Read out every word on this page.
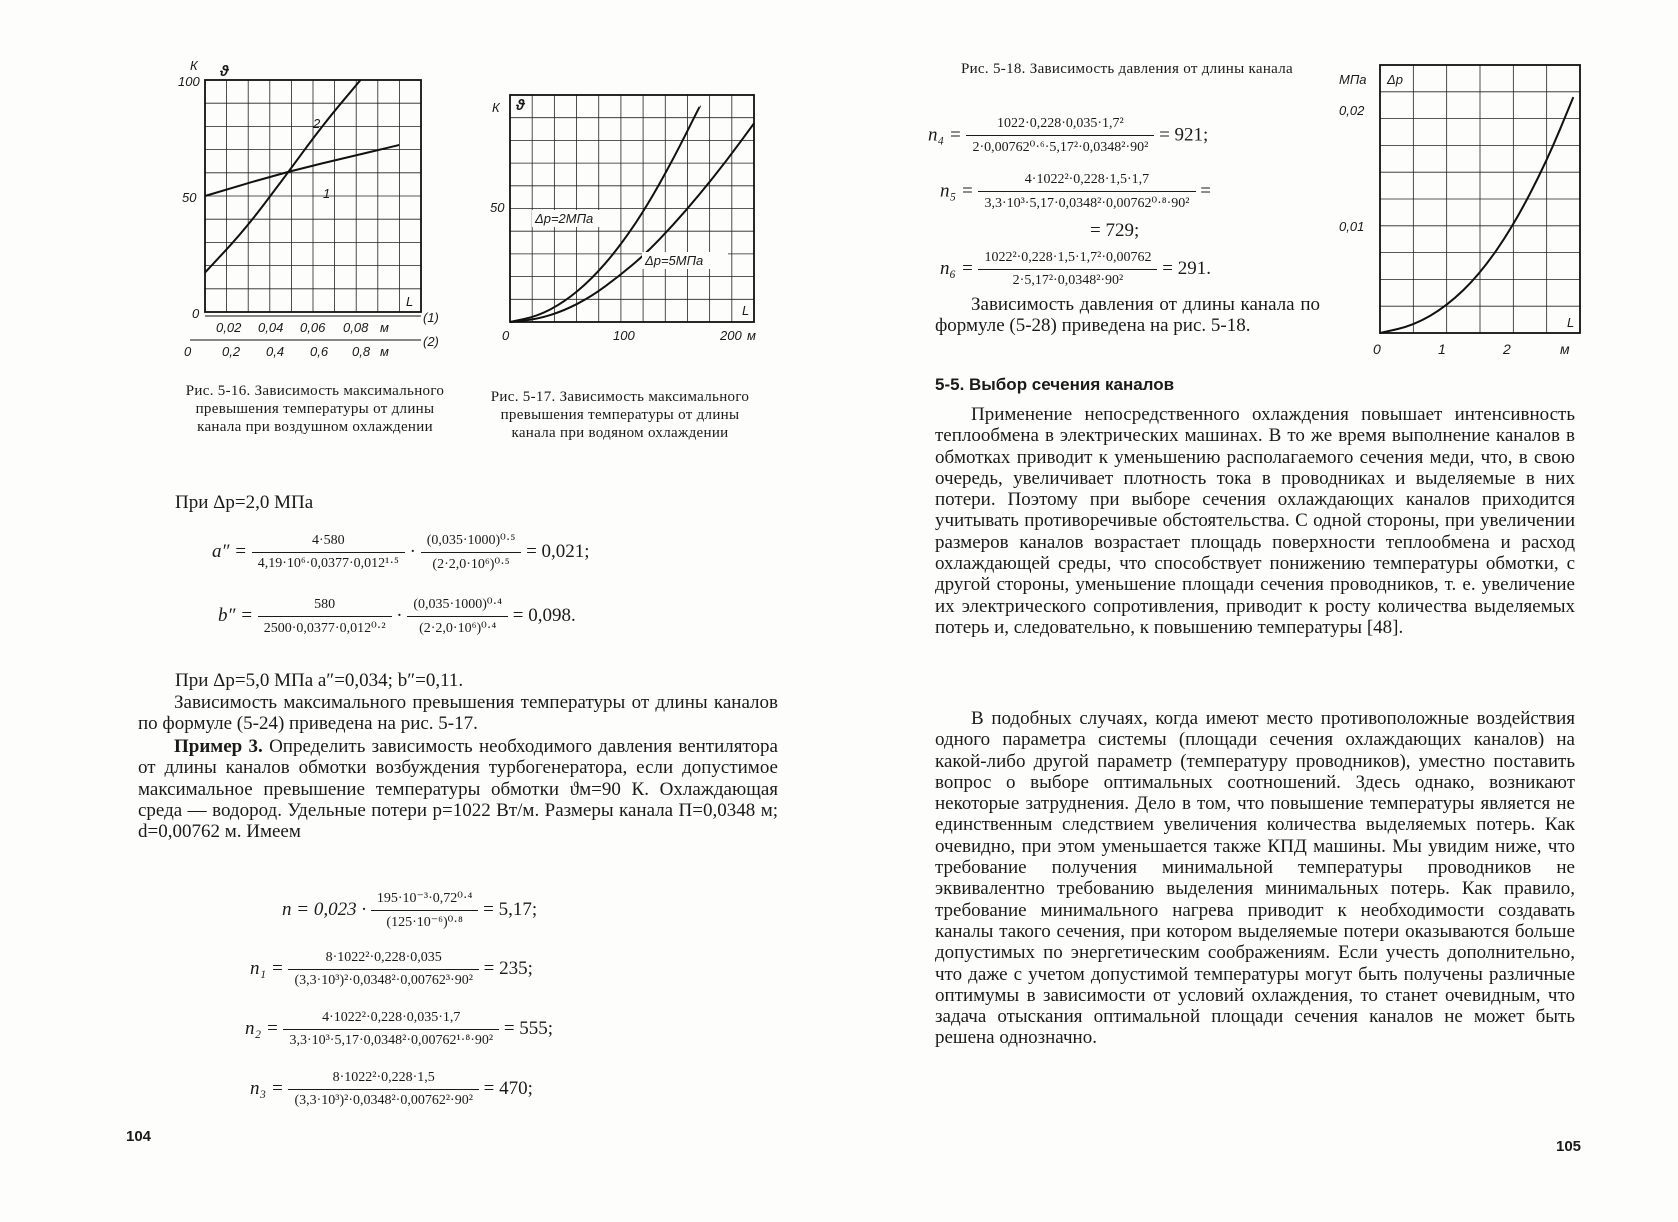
К ϑ
100
50
0
2
1
L
0,02 0,04 0,06 0,08 м
(1)
0 0,2 0,4 0,6 0,8 м
(2)
Рис. 5-16. Зависимость максимального превышения температуры от длины канала при воздушном охлаждении
К ϑ
50
Δp=2МПа
Δp=5МПа
L
0	100	200 м
Рис. 5-17. Зависимость максимального превышения температуры от длины канала при водяном охлаждении
При Δp=2,0 МПа
$a'' = \frac{4\cdot 580}{\text{4,19·10⁶·0,0377·0,012¹·⁵}} \cdot \frac{\text{(0,035·1000)⁰·⁵}}{\text{(2·2,0·10⁶)⁰·⁵}} = 0,021$;
$b'' = \frac{580}{\text{2500·0,0377·0,012⁰·²}} \cdot \frac{\text{(0,035·1000)⁰·⁴}}{\text{(2·2,0·10⁶)⁰·⁴}} = 0,098$.
При Δp=5,0 МПа a″=0,034; b″=0,11.
Зависимость максимального превышения температуры от длины каналов по формуле (5-24) приведена на рис. 5-17.
Пример 3. Определить зависимость необходимого давления вентилятора от длины каналов обмотки возбуждения турбогенератора, если допустимое максимальное превышение температуры обмотки ϑм=90 К. Охлаждающая среда — водород. Удельные потери p=1022 Вт/м. Размеры канала П=0,0348 м; d=0,00762 м. Имеем
$n = 0,023 \cdot \frac{\text{195·10⁻³·0,72⁰·⁴}}{\text{(125·10⁻⁶)⁰·⁸}} = 5,17$;
$n_1 = \frac{\text{8·1022²·0,228·0,035}}{\text{(3,3·10³)²·0,0348²·0,00762³·90²}} = 235$;
$n_2 = \frac{\text{4·1022²·0,228·0,035·1,7}}{\text{3,3·10³·5,17·0,0348²·0,00762¹·⁸·90²}} = 555$;
$n_3 = \frac{\text{8·1022²·0,228·1,5}}{\text{(3,3·10³)²·0,0348²·0,00762²·90²}} = 470$;
104
Рис. 5-18. Зависимость давления от длины канала
МПа Δp
0,02
0,01
L
0	1	2	м
$n_4 = \frac{\text{1022·0,228·0,035·1,7²}}{\text{2·0,00762⁰·⁶·5,17²·0,0348²·90²}} = 921$;
$n_5 = \frac{\text{4·1022²·0,228·1,5·1,7}}{\text{3,3·10³·5,17·0,0348²·0,00762⁰·⁸·90²}}$ =
= 729;
$n_6 = \frac{\text{1022²·0,228·1,5·1,7²·0,00762}}{\text{2·5,17²·0,0348²·90²}} = 291$.
Зависимость давления от длины канала по формуле (5-28) приведена на рис. 5-18.
5-5. Выбор сечения каналов
Применение непосредственного охлаждения повышает интенсивность теплообмена в электрических машинах. В то же время выполнение каналов в обмотках приводит к уменьшению располагаемого сечения меди, что, в свою очередь, увеличивает плотность тока в проводниках и выделяемые в них потери. Поэтому при выборе сечения охлаждающих каналов приходится учитывать противоречивые обстоятельства. С одной стороны, при увеличении размеров каналов возрастает площадь поверхности теплообмена и расход охлаждающей среды, что способствует понижению температуры обмотки, с другой стороны, уменьшение площади сечения проводников, т. е. увеличение их электрического сопротивления, приводит к росту количества выделяемых потерь и, следовательно, к повышению температуры [48].
В подобных случаях, когда имеют место противоположные воздействия одного параметра системы (площади сечения охлаждающих каналов) на какой-либо другой параметр (температуру проводников), уместно поставить вопрос о выборе оптимальных соотношений. Здесь однако, возникают некоторые затруднения. Дело в том, что повышение температуры является не единственным следствием увеличения количества выделяемых потерь. Как очевидно, при этом уменьшается также КПД машины. Мы увидим ниже, что требование получения минимальной температуры проводников не эквивалентно требованию выделения минимальных потерь. Как правило, требование минимального нагрева приводит к необходимости создавать каналы такого сечения, при котором выделяемые потери оказываются больше допустимых по энергетическим соображениям. Если учесть дополнительно, что даже с учетом допустимой температуры могут быть получены различные оптимумы в зависимости от условий охлаждения, то станет очевидным, что задача отыскания оптимальной площади сечения каналов не может быть решена однозначно.
105
